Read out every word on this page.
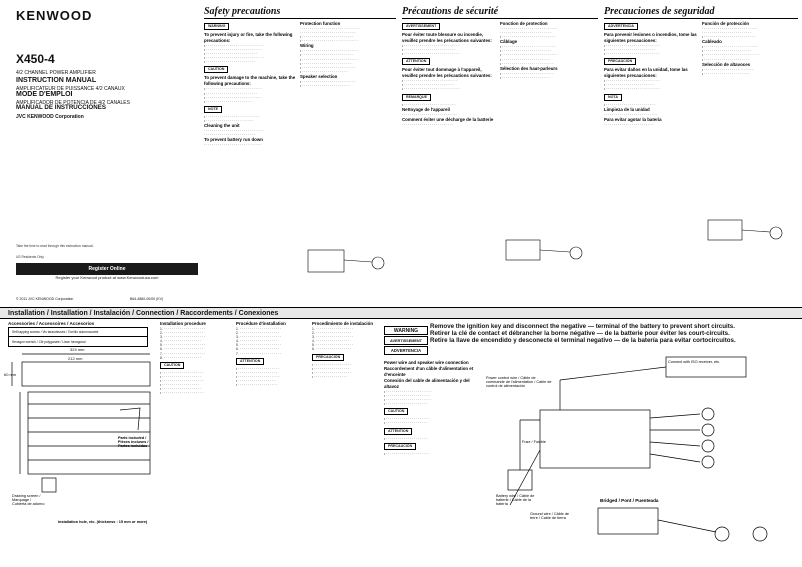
KENWOOD
X450-4
4/2 CHANNEL POWER AMPLIFIER
INSTRUCTION MANUAL
AMPLIFICATEUR DE PUISSANCE 4/2 CANAUX
MODE D'EMPLOI
AMPLIFICADOR DE POTENCIA DE 4/2 CANALES
MANUAL DE INSTRUCCIONES
JVC KENWOOD Corporation
Take the time to read through this instruction manual.
US Residents Only
Register Online
Register your Kenwood product at www.Kenwoodusa.com
© 2011 JVC KENWOOD Corporation	B64-4860-00/00 (KV)
Safety precautions
WARNING
To prevent injury or fire, take the following precautions:
• · · · · · · · · · · · · · · · · · · · · · · · · · · · · ·
• · · · · · · · · · · · · · · · · · · · · · · · · · · · ·
• · · · · · · · · · · · · · · · · · · · · · · · · · ·
• · · · · · · · · · · · · · · · · · · · · · · · · · · · · ·
• · · · · · · · · · · · · · · · · · · · · · · · · ·
CAUTION
To prevent damage to the machine, take the following precautions:
• · · · · · · · · · · · · · · · · · · · · · · · · · · · ·
• · · · · · · · · · · · · · · · · · · · · · · · · · ·
• · · · · · · · · · · · · · · · · · · · · · · · · · · · ·
• · · · · · · · · · · · · · · · · · · · · · · ·
NOTE
• · · · · · · · · · · · · · · · · · · · · · · · · · · ·
• · · · · · · · · · · · · · · · · · · · · · · · ·
Cleaning the unit
· · · · · · · · · · · · · · · · · · · · · · · · · · · · · ·
· · · · · · · · · · · · · · · · · · · · · · · · · ·
To prevent battery run down
· · · · · · · · · · · · · · · · · · · · · · · · · · · · ·
Protection function
· · · · · · · · · · · · · · · · · · · · · · · · · · · · · ·
· · · · · · · · · · · · · · · · · · · · · · · · · · · ·
• · · · · · · · · · · · · · · · · · · · · · · · · · ·
• · · · · · · · · · · · · · · · · · · · · · · · · · · · ·
Wiring
• · · · · · · · · · · · · · · · · · · · · · · · · · · · ·
• · · · · · · · · · · · · · · · · · · · · · · · · · ·
• · · · · · · · · · · · · · · · · · · · · · · · · · · · ·
• · · · · · · · · · · · · · · · · · · · · · · · · ·
• · · · · · · · · · · · · · · · · · · · · · · · · · · ·
• · · · · · · · · · · · · · · · · · · · · · · ·
Speaker selection
• · · · · · · · · · · · · · · · · · · · · · · · · · · ·
• · · · · · · · · · · · · · · · · · · · · · · · ·
Précautions de sécurité
AVERTISSEMENT
Pour éviter toute blessure ou incendie, veuillez prendre les précautions suivantes:
• · · · · · · · · · · · · · · · · · · · · · · · · · · · ·
• · · · · · · · · · · · · · · · · · · · · · · · · · ·
• · · · · · · · · · · · · · · · · · · · · · · · · · · · ·
ATTENTION
Pour éviter tout dommage à l'appareil, veuillez prendre les précautions suivantes:
• · · · · · · · · · · · · · · · · · · · · · · · · · · ·
• · · · · · · · · · · · · · · · · · · · · · · · · ·
• · · · · · · · · · · · · · · · · · · · · · · · · · · · ·
REMARQUE
• · · · · · · · · · · · · · · · · · · · · · · · · · ·
Nettoyage de l'appareil
· · · · · · · · · · · · · · · · · · · · · · · · · · · ·
Comment éviter une décharge de la batterie
· · · · · · · · · · · · · · · · · · · · · · · · · ·
Fonction de protection
· · · · · · · · · · · · · · · · · · · · · · · · · · · · ·
· · · · · · · · · · · · · · · · · · · · · · · · · ·
• · · · · · · · · · · · · · · · · · · · · · · · · · · ·
Câblage
• · · · · · · · · · · · · · · · · · · · · · · · · · · ·
• · · · · · · · · · · · · · · · · · · · · · · · · ·
• · · · · · · · · · · · · · · · · · · · · · · · · · · · ·
• · · · · · · · · · · · · · · · · · · · · · · · ·
• · · · · · · · · · · · · · · · · · · · · · · · · · ·
Sélection des haut-parleurs
• · · · · · · · · · · · · · · · · · · · · · · · · · ·
• · · · · · · · · · · · · · · · · · · · · · · · ·
Precauciones de seguridad
ADVERTENCIA
Para prevenir lesiones o incendios, tome las siguientes precauciones:
• · · · · · · · · · · · · · · · · · · · · · · · · · · ·
• · · · · · · · · · · · · · · · · · · · · · · · · ·
• · · · · · · · · · · · · · · · · · · · · · · · · · · ·
PRECAUCIÓN
Para evitar daños en la unidad, tome las siguientes precauciones:
• · · · · · · · · · · · · · · · · · · · · · · · · · · ·
• · · · · · · · · · · · · · · · · · · · · · · · ·
• · · · · · · · · · · · · · · · · · · · · · · · · · · ·
NOTA
• · · · · · · · · · · · · · · · · · · · · · · · · ·
Limpieza de la unidad
· · · · · · · · · · · · · · · · · · · · · · · · · · ·
Para evitar agotar la batería
· · · · · · · · · · · · · · · · · · · · · · · · ·
Función de protección
· · · · · · · · · · · · · · · · · · · · · · · · · · · ·
· · · · · · · · · · · · · · · · · · · · · · · · ·
• · · · · · · · · · · · · · · · · · · · · · · · · · ·
Cableado
• · · · · · · · · · · · · · · · · · · · · · · · · · · ·
• · · · · · · · · · · · · · · · · · · · · · · · ·
• · · · · · · · · · · · · · · · · · · · · · · · · · · · ·
• · · · · · · · · · · · · · · · · · · · · · · ·
Selección de altavoces
• · · · · · · · · · · · · · · · · · · · · · · · · ·
• · · · · · · · · · · · · · · · · · · · · · · ·
Installation / Installation / Instalación / Connection / Raccordements / Conexiones
Accessories / Accessoires / Accesorios
Self-tapping screws / Vis taraudeuses / Tornillo autorroscante
Hexagon wrench / Clé polygonale / Llave hexagonal
324 mm
212 mm
60 mm
Parts included / Pièces incluses / Partes incluidas
Drawing screen / Marquage / Cubierta de adorno
Installation hole, etc. (thickness : 15 mm or more)
Installation procedure
1. · · · · · · · · · · · · · · · · · · · · ·
2. · · · · · · · · · · · · · · · · · · · ·
3. · · · · · · · · · · · · · · · · · · · · ·
4. · · · · · · · · · · · · · · · · · · ·
5. · · · · · · · · · · · · · · · · · · · · ·
6. · · · · · · · · · · · · · · · · · · · ·
7. · · · · · · · · · · · · · · · · · · · · ·
8. · · · · · · · · · · · · · · · · · · ·
CAUTION
• · · · · · · · · · · · · · · · · · · · · ·
• · · · · · · · · · · · · · · · · · · · ·
• · · · · · · · · · · · · · · · · · · · · ·
• · · · · · · · · · · · · · · · · · · ·
• · · · · · · · · · · · · · · · · · · · ·
• · · · · · · · · · · · · · · · · · · · · ·
Procédure d'installation
1. · · · · · · · · · · · · · · · · · · · · ·
2. · · · · · · · · · · · · · · · · · · · ·
3. · · · · · · · · · · · · · · · · · · · · ·
4. · · · · · · · · · · · · · · · · · · ·
5. · · · · · · · · · · · · · · · · · · · · ·
6. · · · · · · · · · · · · · · · · · · · ·
7. · · · · · · · · · · · · · · · · · · · · ·
ATTENTION
• · · · · · · · · · · · · · · · · · · · · ·
• · · · · · · · · · · · · · · · · · · · ·
• · · · · · · · · · · · · · · · · · · · · ·
• · · · · · · · · · · · · · · · · · · ·
• · · · · · · · · · · · · · · · · · · · ·
Procedimiento de instalación
1. · · · · · · · · · · · · · · · · · · ·
2. · · · · · · · · · · · · · · · · · ·
3. · · · · · · · · · · · · · · · · · · ·
4. · · · · · · · · · · · · · · · · ·
5. · · · · · · · · · · · · · · · · · · ·
6. · · · · · · · · · · · · · · · · · ·
PRECAUCIÓN
• · · · · · · · · · · · · · · · · · · ·
• · · · · · · · · · · · · · · · · · ·
• · · · · · · · · · · · · · · · · · · ·
• · · · · · · · · · · · · · · · · ·
WARNING
AVERTISSEMENT
ADVERTENCIA
Remove the ignition key and disconnect the negative — terminal of the battery to prevent short circuits.
Retirer la clé de contact et débrancher la borne négative — de la batterie pour éviter les court-circuits.
Retire la llave de encendido y desconecte el terminal negativo — de la batería para evitar cortocircuitos.
Power wire and speaker wire connection
Raccordement d'un câble d'alimentation et d'enceinte
Conexión del cable de alimentación y del altavoz
• · · · · · · · · · · · · · · · · · · · · · · ·
• · · · · · · · · · · · · · · · · · · · · · ·
• · · · · · · · · · · · · · · · · · · · · · · ·
• · · · · · · · · · · · · · · · · · · · · ·
CAUTION
• · · · · · · · · · · · · · · · · · · · · · ·
• · · · · · · · · · · · · · · · · · · · · ·
ATTENTION
• · · · · · · · · · · · · · · · · · · · · ·
PRECAUCIÓN
• · · · · · · · · · · · · · · · · · · · · · ·
Connect with ISO receiver, etc.
Power control wire / Câble de commande de l'alimentation / Cable de control de alimentación
Battery wire / Câble de batterie / Cable de la batería
Ground wire / Câble de terre / Cable de tierra
Fuse / Fusible
Bridged / Pont / Puenteada
